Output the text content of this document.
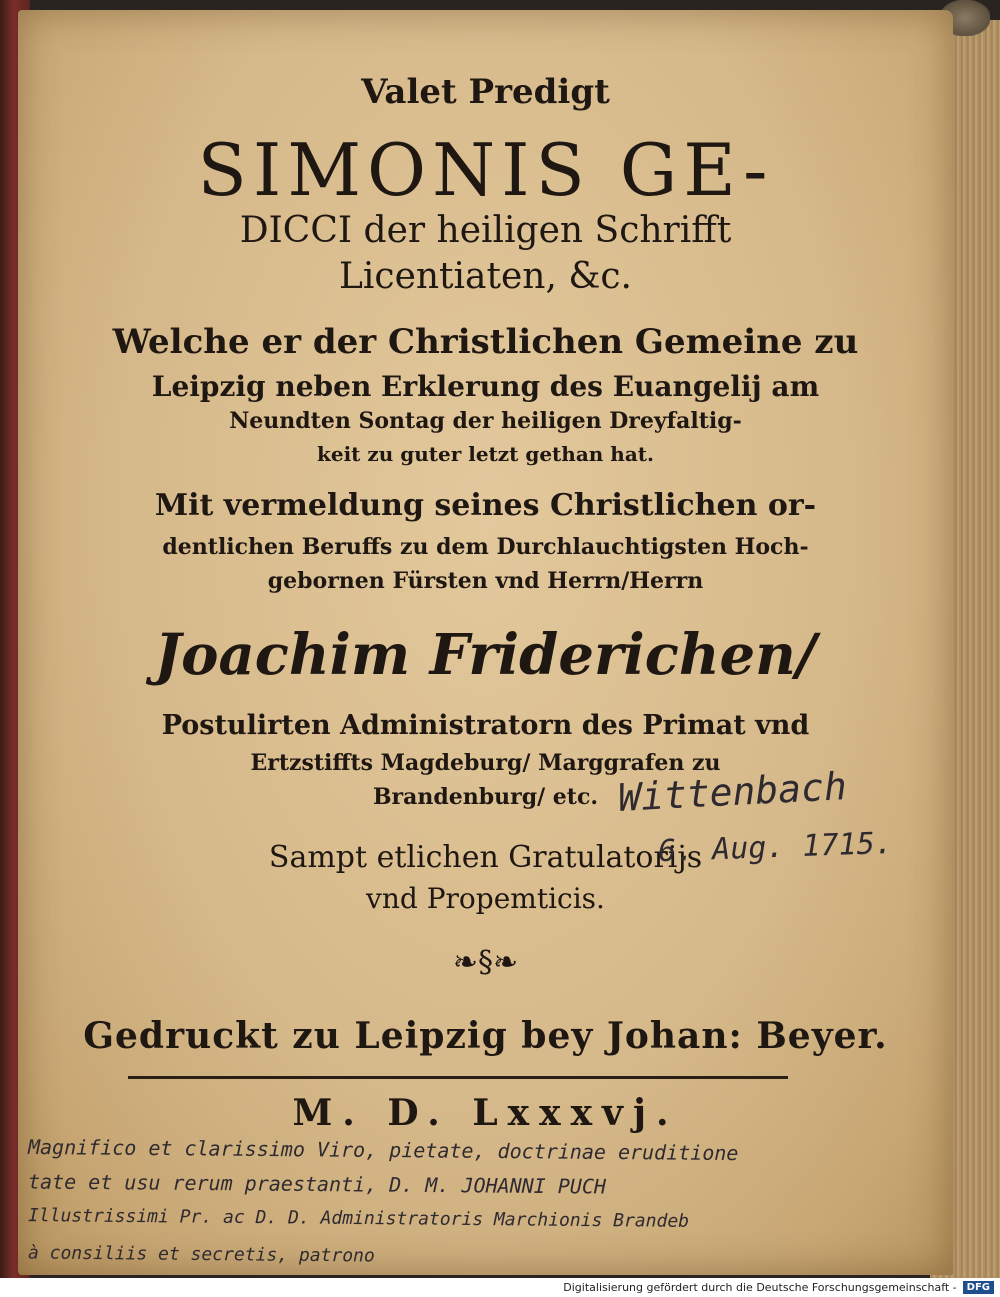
Valet Predigt
SIMONIS GE-
DICCI der heiligen Schrifft
Licentiaten, &c.
Welche er der Christlichen Gemeine zu
Leipzig neben Erklerung des Euangelij am
Neundten Sontag der heiligen Dreyfaltig-
keit zu guter letzt gethan hat.
Mit vermeldung seines Christlichen or-
dentlichen Beruffs zu dem Durchlauchtigsten Hoch-
gebornen Fürsten vnd Herrn/Herrn
Joachim Friderichen/
Postulirten Administratorn des Primat vnd
Ertzstiffts Magdeburg/ Marggrafen zu
Brandenburg/ etc.
Sampt etlichen Gratulatorijs
vnd Propemticis.
❧§❧
Gedruckt zu Leipzig bey Johan: Beyer.
M. D. Lxxxvj.
Wittenbach
6. Aug. 1715.
Magnifico et clarissimo Viro, pietate, doctrinae eruditione
tate et usu rerum praestanti, D. M. JOHANNI PUCH
Illustrissimi Pr. ac D. D. Administratoris Marchionis Brandeb
à consiliis et secretis, patrono
Digitalisierung gefördert durch die Deutsche Forschungsgemeinschaft -	DFG
